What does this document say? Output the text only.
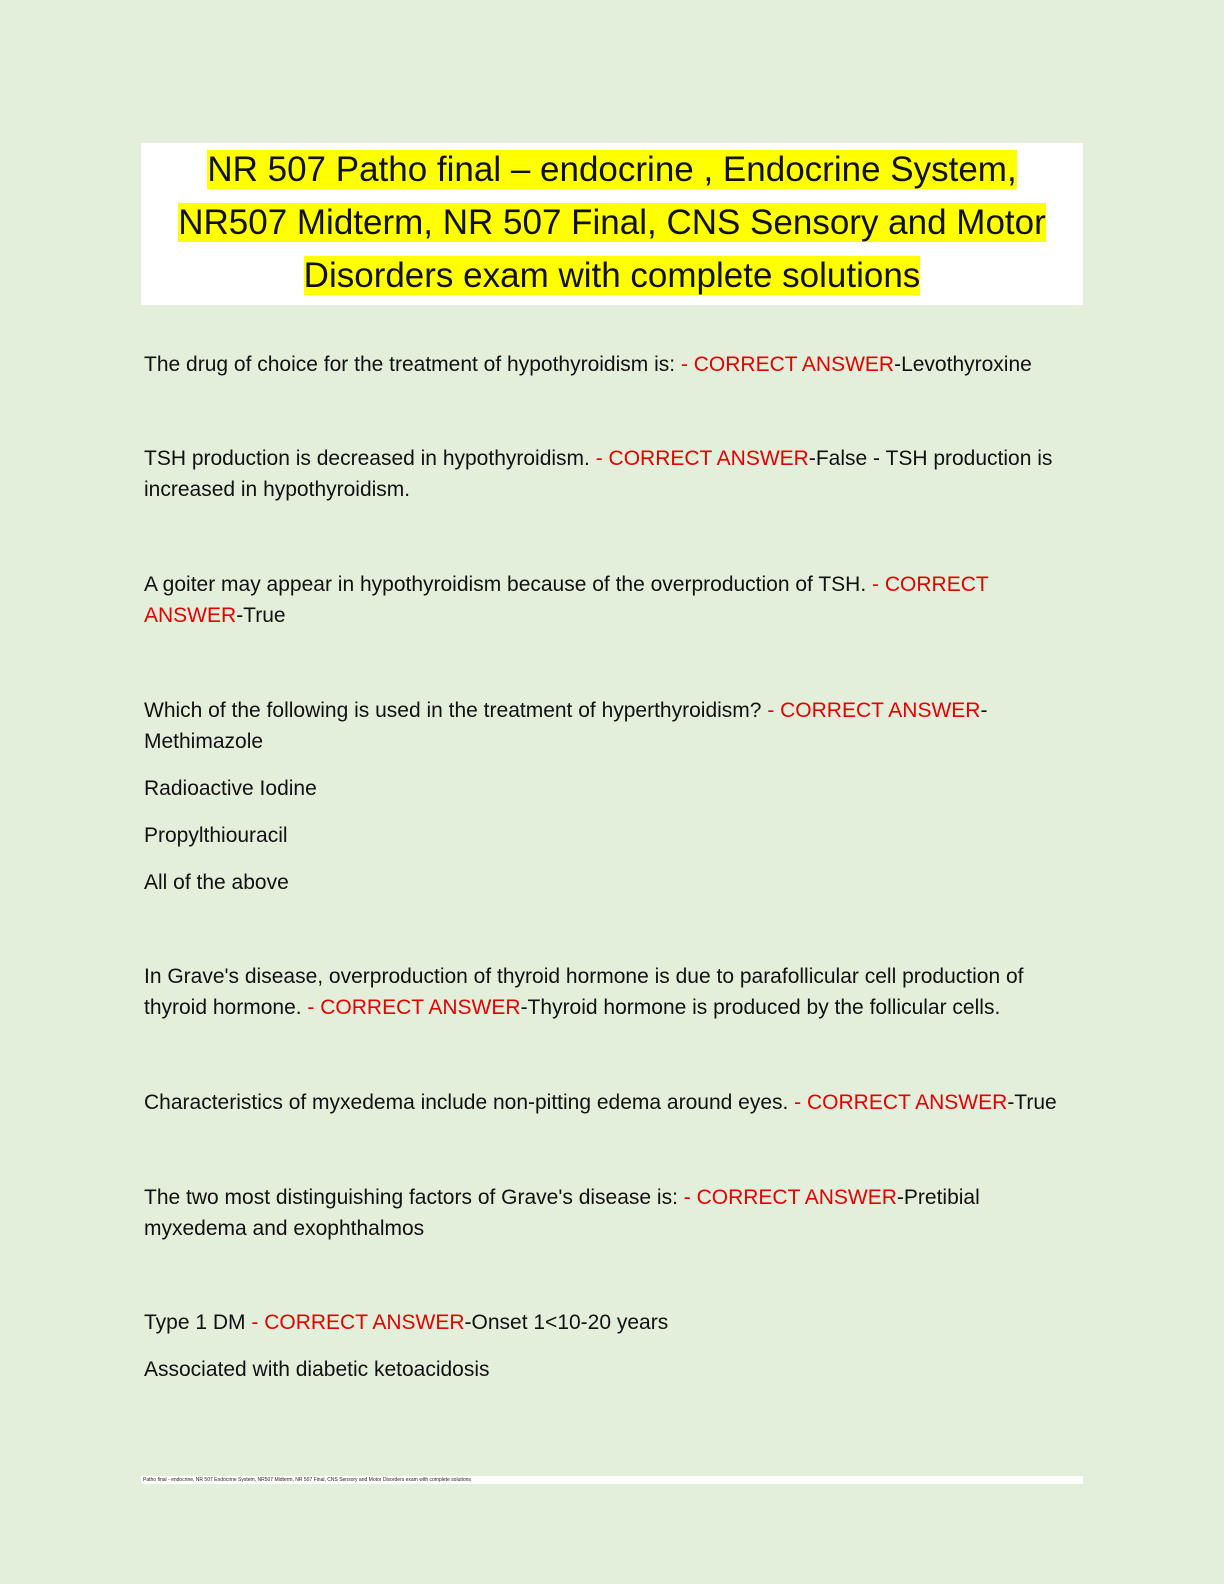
NR 507 Patho final – endocrine , Endocrine System,
NR507 Midterm, NR 507 Final, CNS Sensory and Motor
Disorders exam with complete solutions

The drug of choice for the treatment of hypothyroidism is: - CORRECT ANSWER-Levothyroxine

TSH production is decreased in hypothyroidism. - CORRECT ANSWER-False - TSH production is increased in hypothyroidism.

A goiter may appear in hypothyroidism because of the overproduction of TSH. - CORRECT ANSWER-True

Which of the following is used in the treatment of hyperthyroidism? - CORRECT ANSWER-Methimazole

Radioactive Iodine

Propylthiouracil

All of the above

In Grave's disease, overproduction of thyroid hormone is due to parafollicular cell production of thyroid hormone. - CORRECT ANSWER-Thyroid hormone is produced by the follicular cells.

Characteristics of myxedema include non-pitting edema around eyes. - CORRECT ANSWER-True

The two most distinguishing factors of Grave's disease is: - CORRECT ANSWER-Pretibial myxedema and exophthalmos

Type 1 DM - CORRECT ANSWER-Onset 1<10-20 years

Associated with diabetic ketoacidosis

Patho final - endocrine, NR 507 Endocrine System, NR507 Midterm, NR 507 Final, CNS Sensory and Motor Disorders exam with complete solutions
